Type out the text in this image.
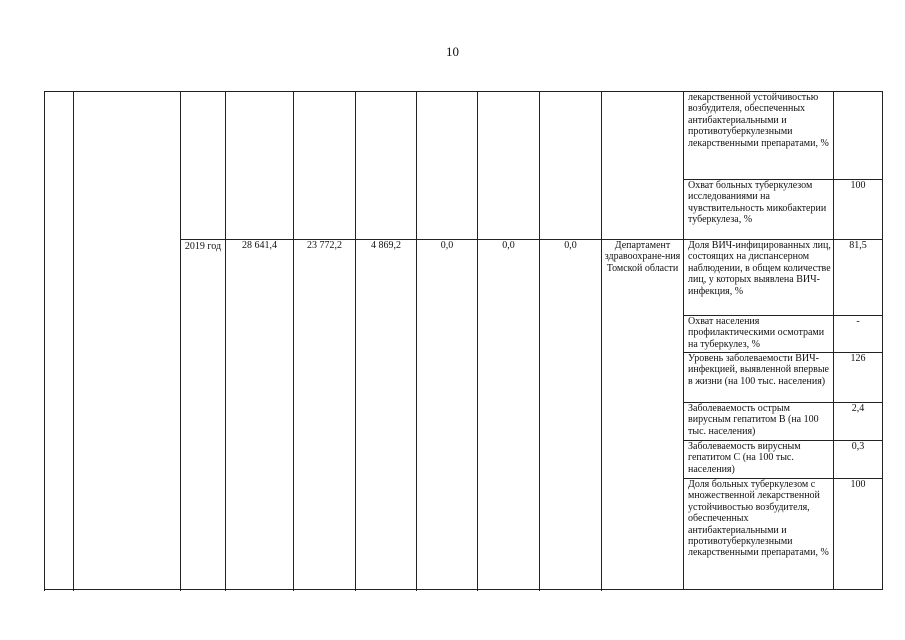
10
										лекарственной устойчивостью возбудителя, обеспеченных антибактериальными и противотуберкулезными лекарственными препаратами, %	
										Охват больных туберкулезом исследованиями на чувствительность микобактерии туберкулеза, %	100
		2019 год	28 641,4	23 772,2	4 869,2	0,0	0,0	0,0	Департамент здравоохране-ния Томской области	Доля ВИЧ-инфицированных лиц, состоящих на диспансерном наблюдении, в общем количестве лиц, у которых выявлена ВИЧ-инфекция, %	81,5
										Охват населения профилактическими осмотрами на туберкулез, %	-
										Уровень заболеваемости ВИЧ-инфекцией, выявленной впервые в жизни (на 100 тыс. населения)	126
										Заболеваемость острым вирусным гепатитом В (на 100 тыс. населения)	2,4
										Заболеваемость вирусным гепатитом С (на 100 тыс. населения)	0,3
										Доля больных туберкулезом с множественной лекарственной устойчивостью возбудителя, обеспеченных антибактериальными и противотуберкулезными лекарственными препаратами, %	100
